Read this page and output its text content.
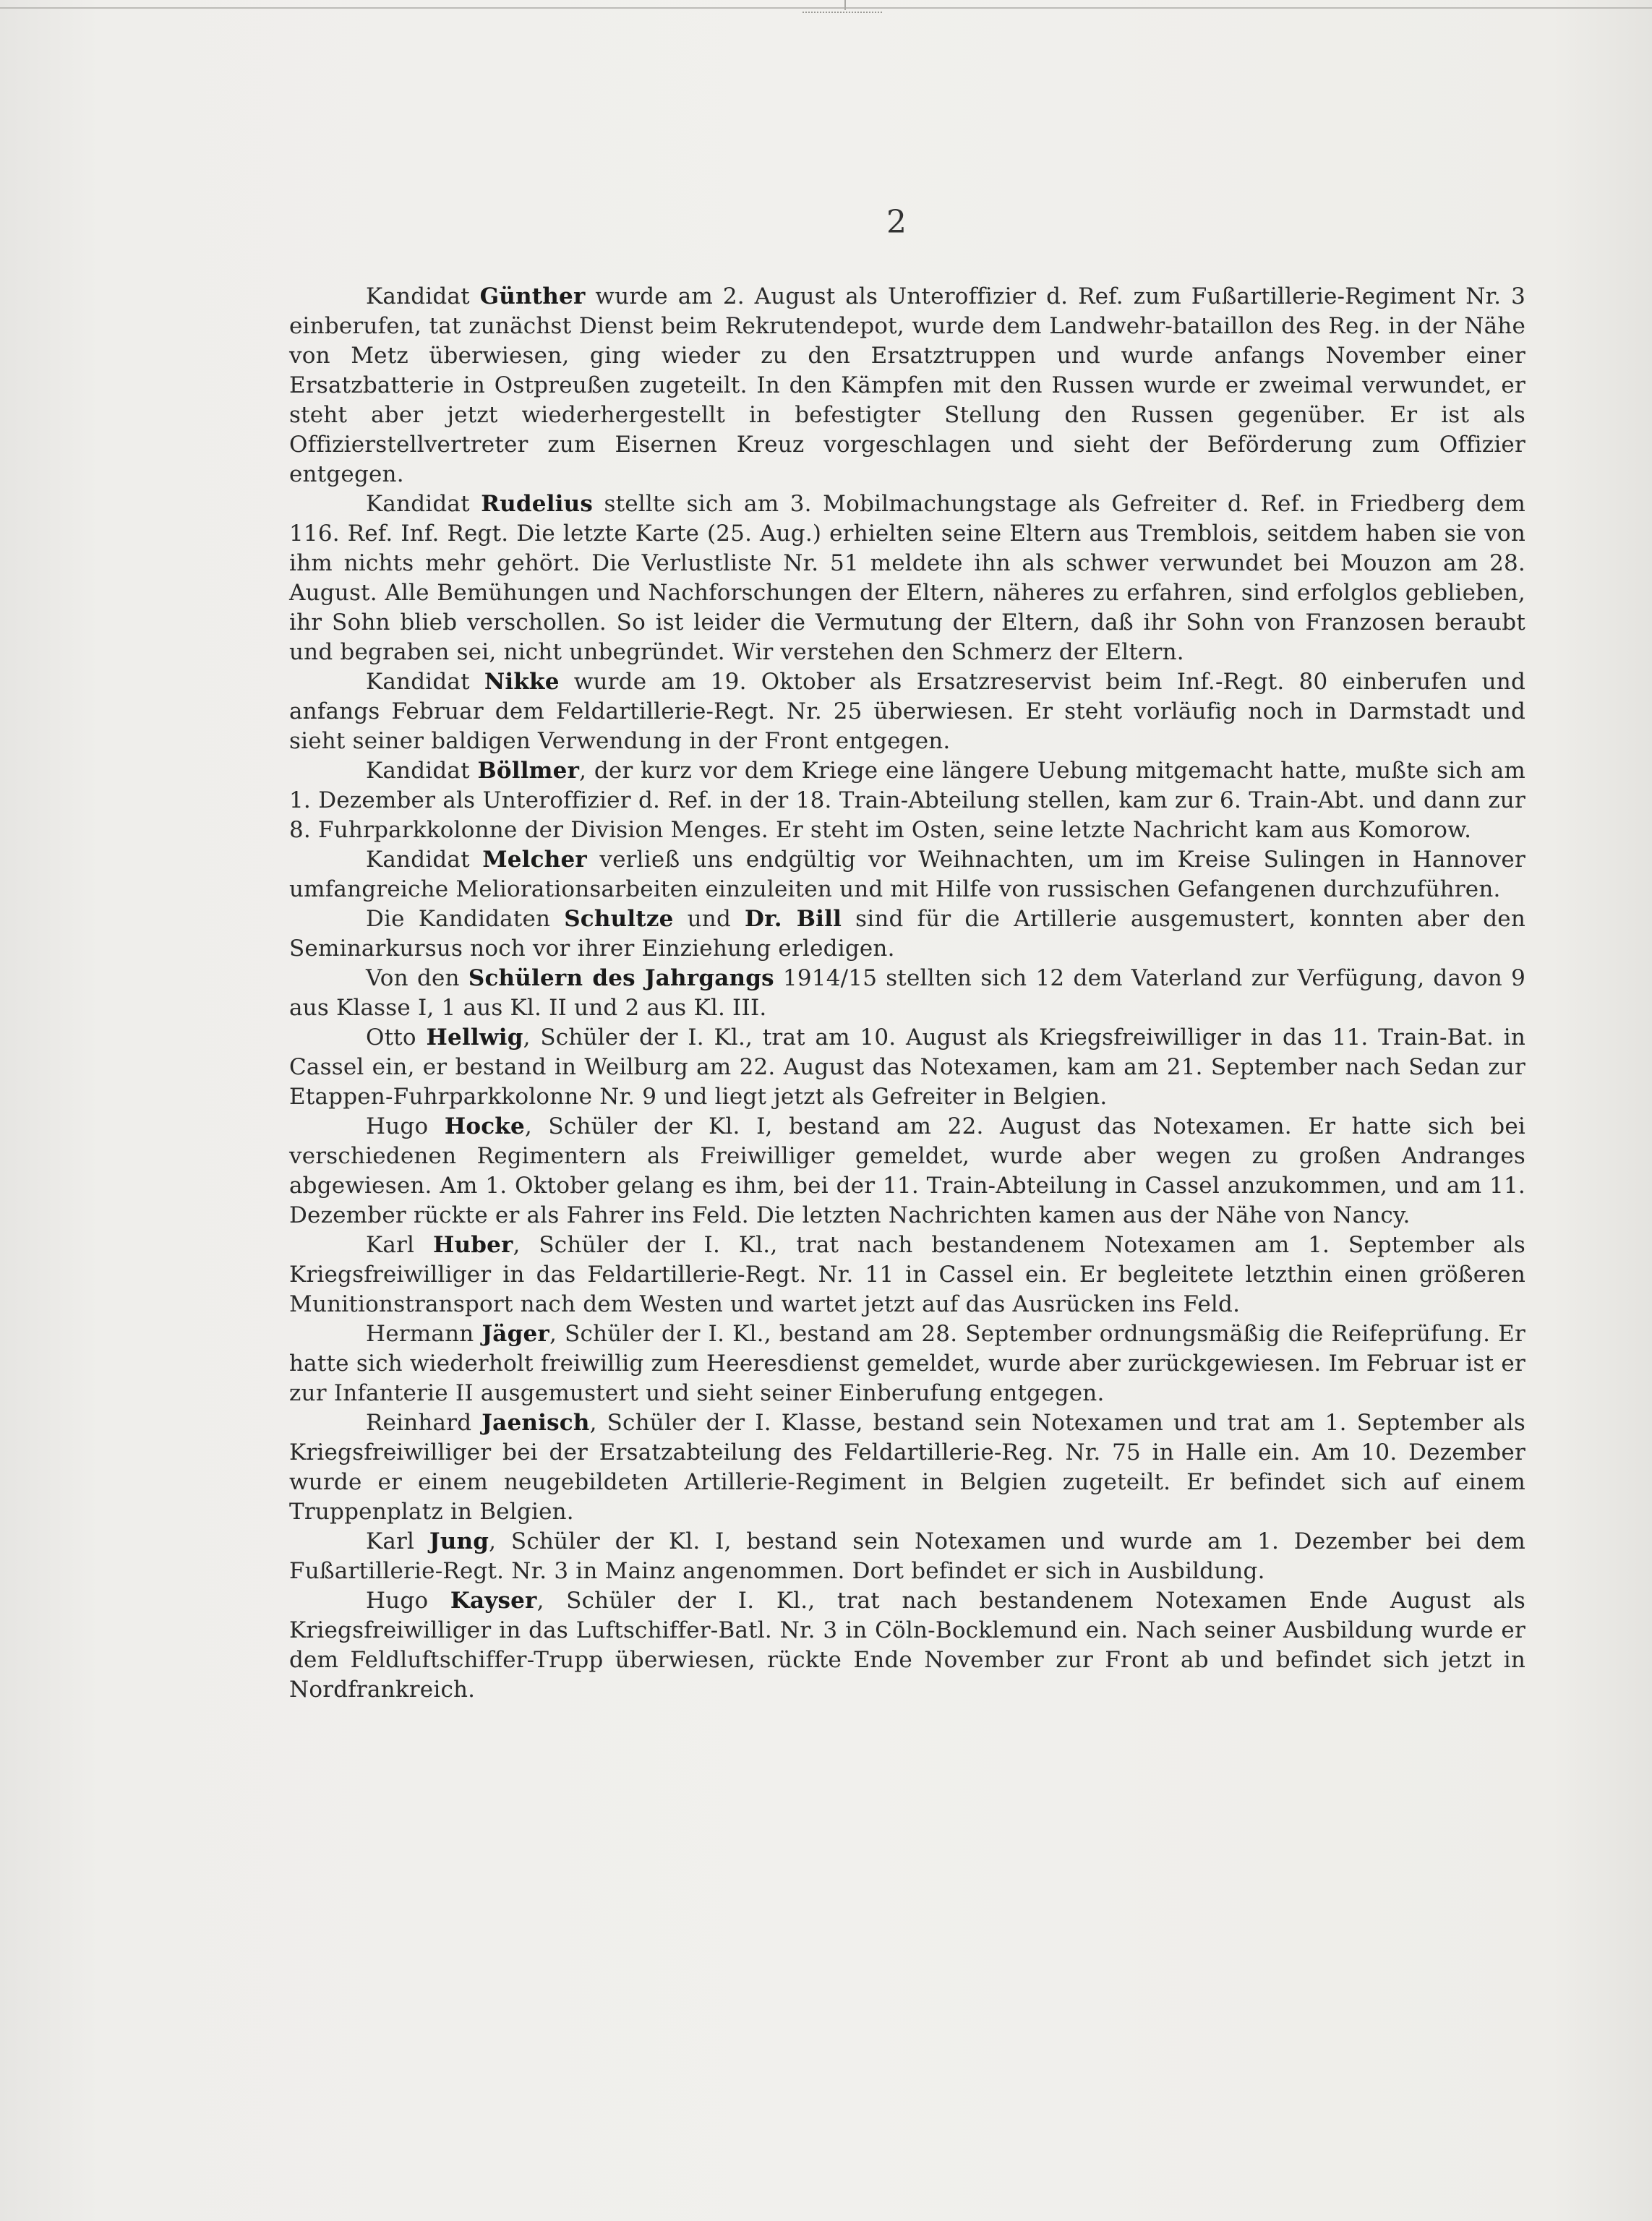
2

Kandidat Günther wurde am 2. August als Unteroffizier d. Ref. zum Fußartillerie-Regiment Nr. 3 einberufen, tat zunächst Dienst beim Rekrutendepot, wurde dem Landwehr-bataillon des Reg. in der Nähe von Metz überwiesen, ging wieder zu den Ersatztruppen und wurde anfangs November einer Ersatzbatterie in Ostpreußen zugeteilt. In den Kämpfen mit den Russen wurde er zweimal verwundet, er steht aber jetzt wiederhergestellt in befestigter Stellung den Russen gegenüber. Er ist als Offizierstellvertreter zum Eisernen Kreuz vorgeschlagen und sieht der Beförderung zum Offizier entgegen.

Kandidat Rudelius stellte sich am 3. Mobilmachungstage als Gefreiter d. Ref. in Friedberg dem 116. Ref. Inf. Regt. Die letzte Karte (25. Aug.) erhielten seine Eltern aus Tremblois, seitdem haben sie von ihm nichts mehr gehört. Die Verlustliste Nr. 51 meldete ihn als schwer verwundet bei Mouzon am 28. August. Alle Bemühungen und Nachforschungen der Eltern, näheres zu erfahren, sind erfolglos geblieben, ihr Sohn blieb verschollen. So ist leider die Vermutung der Eltern, daß ihr Sohn von Franzosen beraubt und begraben sei, nicht unbegründet. Wir verstehen den Schmerz der Eltern.

Kandidat Nikke wurde am 19. Oktober als Ersatzreservist beim Inf.-Regt. 80 einberufen und anfangs Februar dem Feldartillerie-Regt. Nr. 25 überwiesen. Er steht vorläufig noch in Darmstadt und sieht seiner baldigen Verwendung in der Front entgegen.

Kandidat Böllmer, der kurz vor dem Kriege eine längere Uebung mitgemacht hatte, mußte sich am 1. Dezember als Unteroffizier d. Ref. in der 18. Train-Abteilung stellen, kam zur 6. Train-Abt. und dann zur 8. Fuhrparkkolonne der Division Menges. Er steht im Osten, seine letzte Nachricht kam aus Komorow.

Kandidat Melcher verließ uns endgültig vor Weihnachten, um im Kreise Sulingen in Hannover umfangreiche Meliorationsarbeiten einzuleiten und mit Hilfe von russischen Gefangenen durchzuführen.

Die Kandidaten Schultze und Dr. Bill sind für die Artillerie ausgemustert, konnten aber den Seminarkursus noch vor ihrer Einziehung erledigen.

Von den Schülern des Jahrgangs 1914/15 stellten sich 12 dem Vaterland zur Verfügung, davon 9 aus Klasse I, 1 aus Kl. II und 2 aus Kl. III.

Otto Hellwig, Schüler der I. Kl., trat am 10. August als Kriegsfreiwilliger in das 11. Train-Bat. in Cassel ein, er bestand in Weilburg am 22. August das Notexamen, kam am 21. September nach Sedan zur Etappen-Fuhrparkkolonne Nr. 9 und liegt jetzt als Gefreiter in Belgien.

Hugo Hocke, Schüler der Kl. I, bestand am 22. August das Notexamen. Er hatte sich bei verschiedenen Regimentern als Freiwilliger gemeldet, wurde aber wegen zu großen Andranges abgewiesen. Am 1. Oktober gelang es ihm, bei der 11. Train-Abteilung in Cassel anzukommen, und am 11. Dezember rückte er als Fahrer ins Feld. Die letzten Nachrichten kamen aus der Nähe von Nancy.

Karl Huber, Schüler der I. Kl., trat nach bestandenem Notexamen am 1. September als Kriegsfreiwilliger in das Feldartillerie-Regt. Nr. 11 in Cassel ein. Er begleitete letzthin einen größeren Munitionstransport nach dem Westen und wartet jetzt auf das Ausrücken ins Feld.

Hermann Jäger, Schüler der I. Kl., bestand am 28. September ordnungsmäßig die Reifeprüfung. Er hatte sich wiederholt freiwillig zum Heeresdienst gemeldet, wurde aber zurückgewiesen. Im Februar ist er zur Infanterie II ausgemustert und sieht seiner Einberufung entgegen.

Reinhard Jaenisch, Schüler der I. Klasse, bestand sein Notexamen und trat am 1. September als Kriegsfreiwilliger bei der Ersatzabteilung des Feldartillerie-Reg. Nr. 75 in Halle ein. Am 10. Dezember wurde er einem neugebildeten Artillerie-Regiment in Belgien zugeteilt. Er befindet sich auf einem Truppenplatz in Belgien.

Karl Jung, Schüler der Kl. I, bestand sein Notexamen und wurde am 1. Dezember bei dem Fußartillerie-Regt. Nr. 3 in Mainz angenommen. Dort befindet er sich in Ausbildung.

Hugo Kayser, Schüler der I. Kl., trat nach bestandenem Notexamen Ende August als Kriegsfreiwilliger in das Luftschiffer-Batl. Nr. 3 in Cöln-Bocklemund ein. Nach seiner Ausbildung wurde er dem Feldluftschiffer-Trupp überwiesen, rückte Ende November zur Front ab und befindet sich jetzt in Nordfrankreich.
